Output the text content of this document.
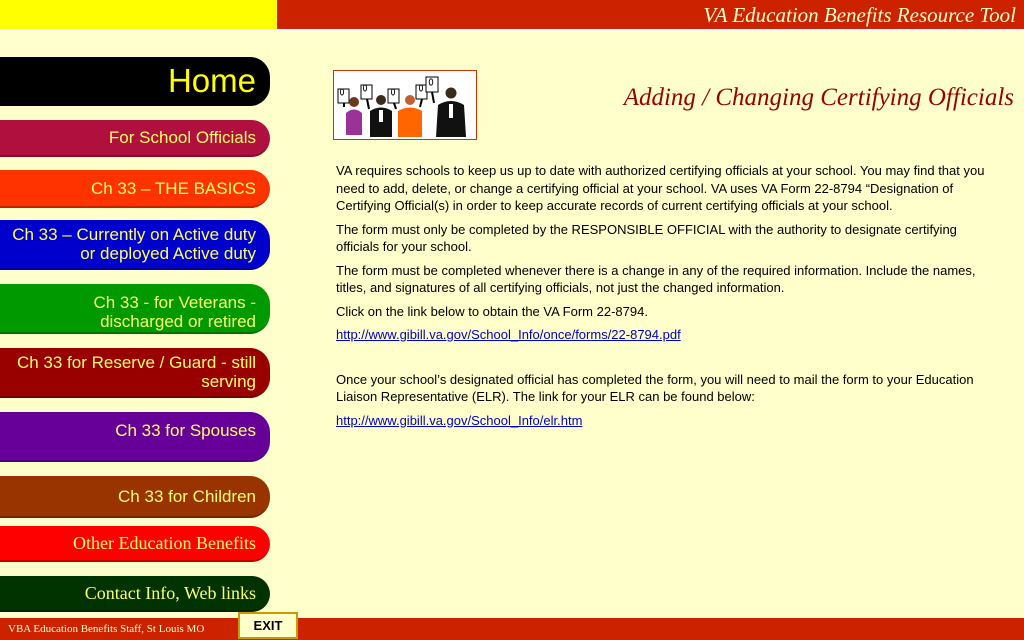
VA Education Benefits Resource Tool
Home
For School Officials
Ch 33 – THE BASICS
Ch 33 – Currently on Active duty or deployed Active duty
Ch 33 - for Veterans - discharged or retired
Ch 33 for Reserve / Guard - still serving
Ch 33 for Spouses
Ch 33 for Children
Other Education Benefits
Contact Info, Web links
Adding / Changing Certifying Officials

VA requires schools to keep us up to date with authorized certifying officials at your school. You may find that you need to add, delete, or change a certifying official at your school. VA uses VA Form 22-8794 “Designation of Certifying Official(s) in order to keep accurate records of current certifying officials at your school.

The form must only be completed by the RESPONSIBLE OFFICIAL with the authority to designate certifying officials for your school.

The form must be completed whenever there is a change in any of the required information. Include the names, titles, and signatures of all certifying officials, not just the changed information.

Click on the link below to obtain the VA Form 22-8794.

http://www.gibill.va.gov/School_Info/once/forms/22-8794.pdf

Once your school’s designated official has completed the form, you will need to mail the form to your Education Liaison Representative (ELR). The link for your ELR can be found below:

http://www.gibill.va.gov/School_Info/elr.htm

VBA Education Benefits Staff, St Louis MO	EXIT
